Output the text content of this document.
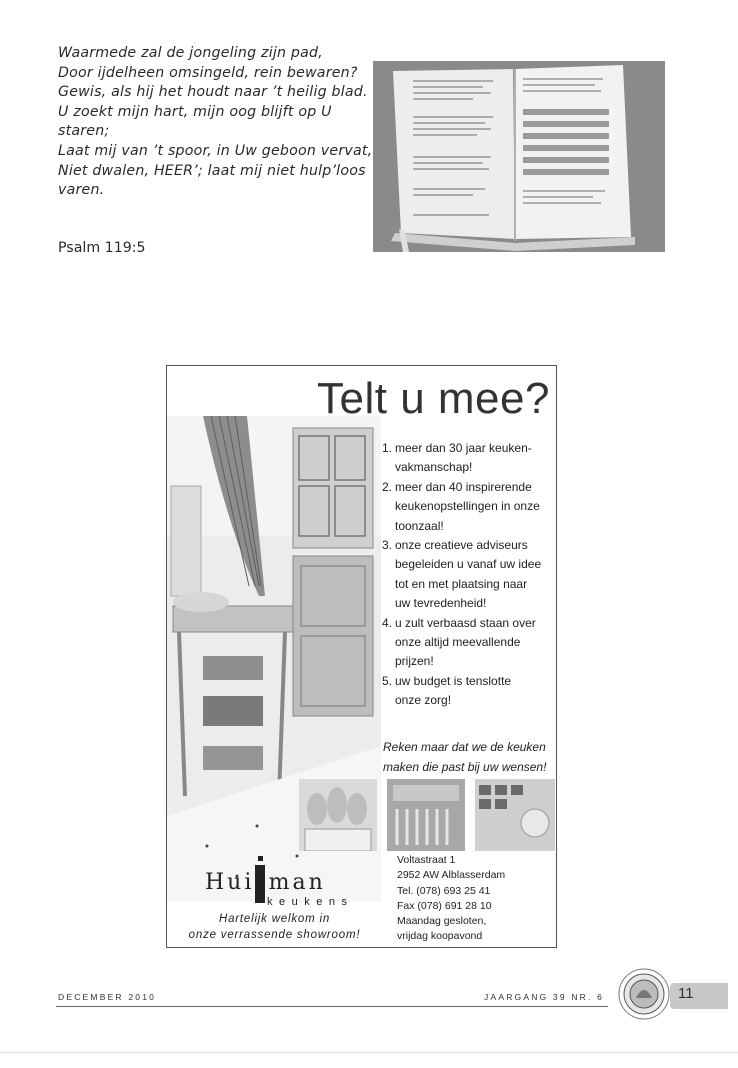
Waarmede zal de jongeling zijn pad,
Door ijdelheen omsingeld, rein bewaren?
Gewis, als hij het houdt naar ’t heilig blad.
U zoekt mijn hart, mijn oog blijft op U
staren;
Laat mij van ’t spoor, in Uw geboon vervat,
Niet dwalen, HEER’; laat mij niet hulp’loos
varen.
Psalm 119:5
Telt u mee?
1. meer dan 30 jaar keuken-
vakmanschap!
2. meer dan 40 inspirerende
keukenopstellingen in onze
toonzaal!
3. onze creatieve adviseurs
begeleiden u vanaf uw idee
tot en met plaatsing naar
uw tevredenheid!
4. u zult verbaasd staan over
onze altijd meevallende
prijzen!
5. uw budget is tenslotte
onze zorg!
Reken maar dat we de keuken
maken die past bij uw wensen!
Huisman
keukens
Hartelijk welkom in
onze verrassende showroom!
Voltastraat 1
2952 AW Alblasserdam
Tel. (078) 693 25 41
Fax (078) 691 28 10
Maandag gesloten,
vrijdag koopavond
DECEMBER 2010	JAARGANG 39 NR. 6	11
